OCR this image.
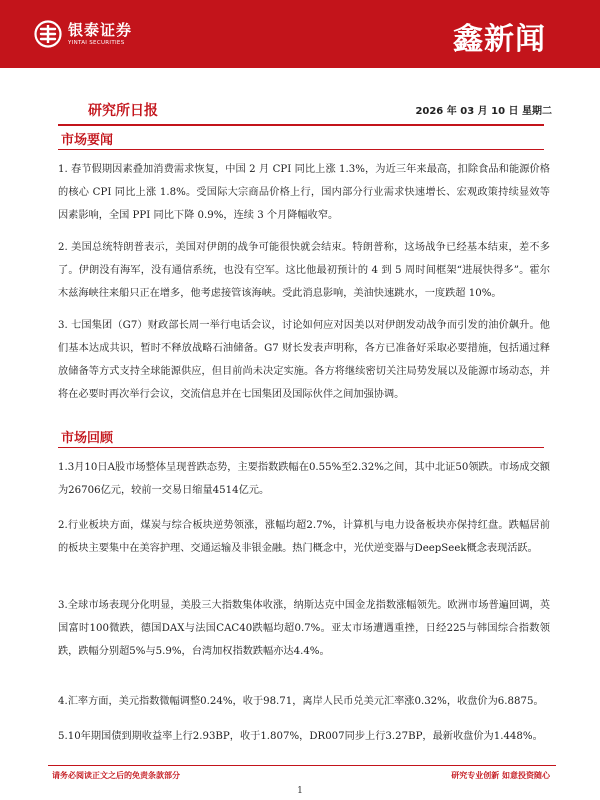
银泰证券
YINTAI SECURITIES	鑫新闻
研究所日报	2026 年 03 月 10 日 星期二
市场要闻
1. 春节假期因素叠加消费需求恢复，中国 2 月 CPI 同比上涨 1.3%，为近三年来最高，扣除食品和能源价格的核心 CPI 同比上涨 1.8%。受国际大宗商品价格上行，国内部分行业需求快速增长、宏观政策持续显效等因素影响，全国 PPI 同比下降 0.9%，连续 3 个月降幅收窄。
2. 美国总统特朗普表示，美国对伊朗的战争可能很快就会结束。特朗普称，这场战争已经基本结束，差不多了。伊朗没有海军，没有通信系统，也没有空军。这比他最初预计的 4 到 5 周时间框架“进展快得多”。霍尔木兹海峡往来船只正在增多，他考虑接管该海峡。受此消息影响，美油快速跳水，一度跌超 10%。
3. 七国集团（G7）财政部长周一举行电话会议，讨论如何应对因美以对伊朗发动战争而引发的油价飙升。他们基本达成共识，暂时不释放战略石油储备。G7 财长发表声明称，各方已准备好采取必要措施，包括通过释放储备等方式支持全球能源供应，但目前尚未决定实施。各方将继续密切关注局势发展以及能源市场动态，并将在必要时再次举行会议，交流信息并在七国集团及国际伙伴之间加强协调。
市场回顾
1.3月10日A股市场整体呈现普跌态势，主要指数跌幅在0.55%至2.32%之间，其中北证50领跌。市场成交额为26706亿元，较前一交易日缩量4514亿元。
2.行业板块方面，煤炭与综合板块逆势领涨，涨幅均超2.7%，计算机与电力设备板块亦保持红盘。跌幅居前的板块主要集中在美容护理、交通运输及非银金融。热门概念中，光伏逆变器与DeepSeek概念表现活跃。
3.全球市场表现分化明显，美股三大指数集体收涨，纳斯达克中国金龙指数涨幅领先。欧洲市场普遍回调，英国富时100微跌，德国DAX与法国CAC40跌幅均超0.7%。亚太市场遭遇重挫，日经225与韩国综合指数领跌，跌幅分别超5%与5.9%，台湾加权指数跌幅亦达4.4%。
4.汇率方面，美元指数微幅调整0.24%，收于98.71，离岸人民币兑美元汇率涨0.32%，收盘价为6.8875。
5.10年期国债到期收益率上行2.93BP，收于1.807%，DR007同步上行3.27BP，最新收盘价为1.448%。
请务必阅读正文之后的免责条款部分	研究专业创新 如意投资随心
1
